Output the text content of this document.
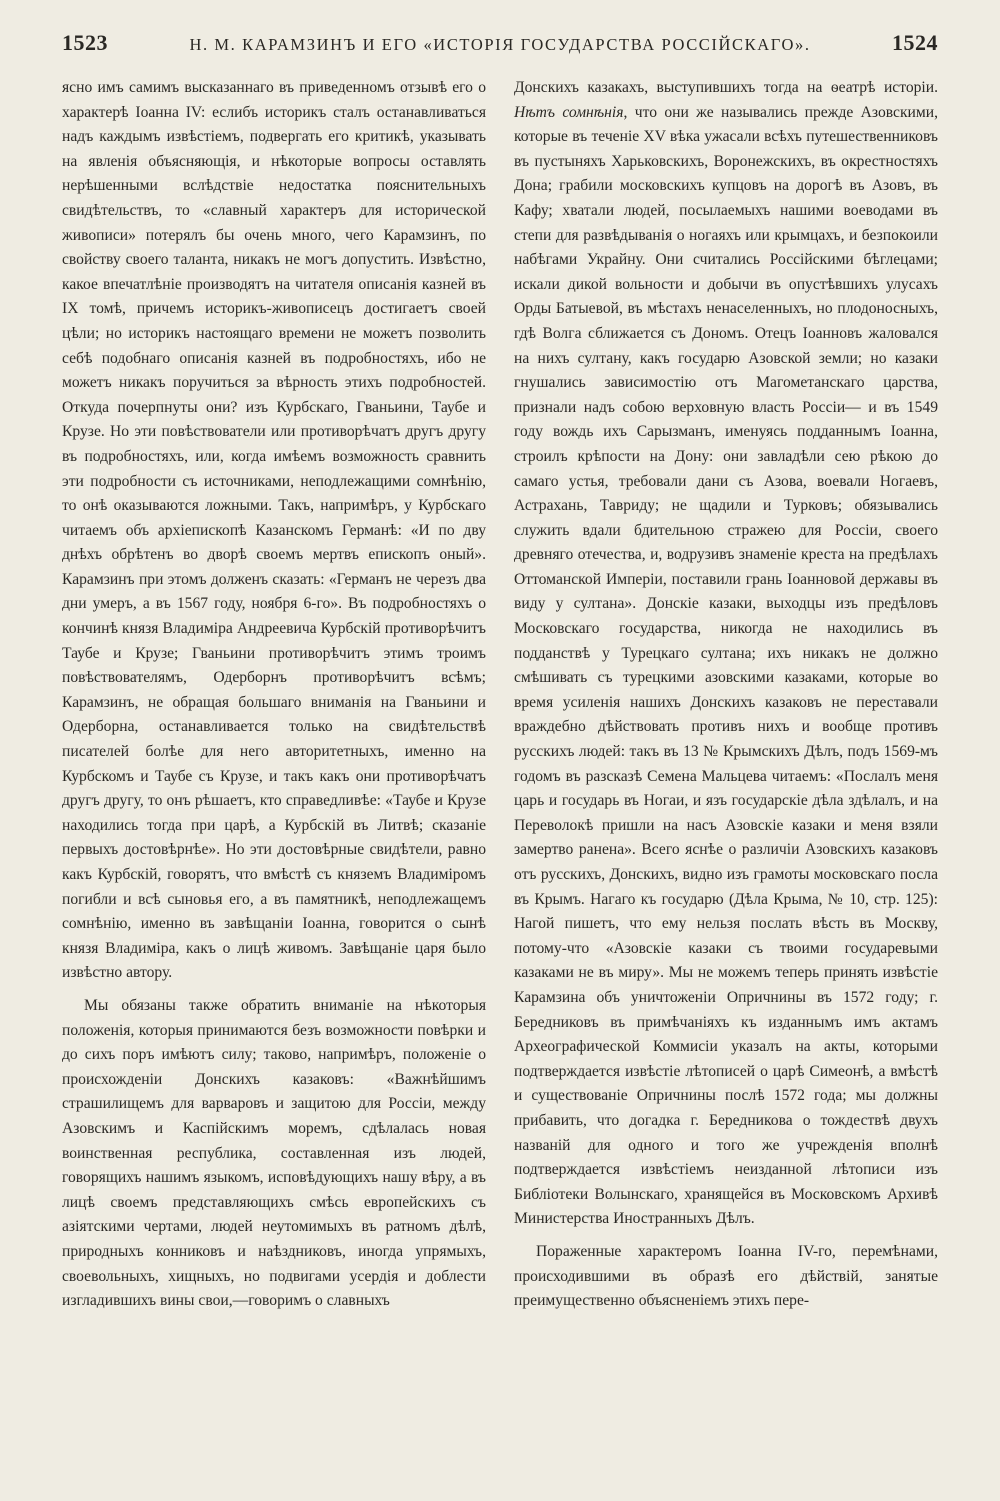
1523	Н. М. КАРАМЗИНЪ И ЕГО «ИСТОРІЯ ГОСУДАРСТВА РОССІЙСКАГО».	1524

ясно имъ самимъ высказаннаго въ приведенномъ отзывѣ его о характерѣ Іоанна IV: еслибъ историкъ сталъ останавливаться надъ каждымъ извѣстіемъ, подвергать его критикѣ, указывать на явленія объясняющія, и нѣкоторые вопросы оставлять нерѣшенными вслѣдствіе недостатка пояснительныхъ свидѣтельствъ, то «славный характеръ для исторической живописи» потерялъ бы очень много, чего Карамзинъ, по свойству своего таланта, никакъ не могъ допустить. Извѣстно, какое впечатлѣніе производятъ на читателя описанія казней въ IX томѣ, причемъ историкъ-живописецъ достигаетъ своей цѣли; но историкъ настоящаго времени не можетъ позволить себѣ подобнаго описанія казней въ подробностяхъ, ибо не можетъ никакъ поручиться за вѣрность этихъ подробностей. Откуда почерпнуты они? изъ Курбскаго, Гваньини, Таубе и Крузе. Но эти повѣствователи или противорѣчатъ другъ другу въ подробностяхъ, или, когда имѣемъ возможность сравнить эти подробности съ источниками, неподлежащими сомнѣнію, то онѣ оказываются ложными. Такъ, напримѣръ, у Курбскаго читаемъ объ архіепископѣ Казанскомъ Германѣ: «И по дву днѣхъ обрѣтенъ во дворѣ своемъ мертвъ епископъ оный». Карамзинъ при этомъ долженъ сказать: «Германъ не черезъ два дни умеръ, а въ 1567 году, ноября 6-го». Въ подробностяхъ о кончинѣ князя Владиміра Андреевича Курбскій противорѣчитъ Таубе и Крузе; Гваньини противорѣчитъ этимъ троимъ повѣствователямъ, Одерборнъ противорѣчитъ всѣмъ; Карамзинъ, не обращая большаго вниманія на Гваньини и Одерборна, останавливается только на свидѣтельствѣ писателей болѣе для него авторитетныхъ, именно на Курбскомъ и Таубе съ Крузе, и такъ какъ они противорѣчатъ другъ другу, то онъ рѣшаетъ, кто справедливѣе: «Таубе и Крузе находились тогда при царѣ, а Курбскій въ Литвѣ; сказаніе первыхъ достовѣрнѣе». Но эти достовѣрные свидѣтели, равно какъ Курбскій, говорятъ, что вмѣстѣ съ княземъ Владиміромъ погибли и всѣ сыновья его, а въ памятникѣ, неподлежащемъ сомнѣнію, именно въ завѣщаніи Іоанна, говорится о сынѣ князя Владиміра, какъ о лицѣ живомъ. Завѣщаніе царя было извѣстно автору.

Мы обязаны также обратить вниманіе на нѣкоторыя положенія, которыя принимаются безъ возможности повѣрки и до сихъ поръ имѣютъ силу; таково, напримѣръ, положеніе о происхожденіи Донскихъ казаковъ: «Важнѣйшимъ страшилищемъ для варваровъ и защитою для Россіи, между Азовскимъ и Каспійскимъ моремъ, сдѣлалась новая воинственная республика, составленная изъ людей, говорящихъ нашимъ языкомъ, исповѣдующихъ нашу вѣру, а въ лицѣ своемъ представляющихъ смѣсь европейскихъ съ азіятскими чертами, людей неутомимыхъ въ ратномъ дѣлѣ, природныхъ конниковъ и наѣздниковъ, иногда упрямыхъ, своевольныхъ, хищныхъ, но подвигами усердія и доблести изгладившихъ вины свои,—говоримъ о славныхъ

Донскихъ казакахъ, выступившихъ тогда на ѳеатрѣ исторіи. Нѣтъ сомнѣнія, что они же назывались прежде Азовскими, которые въ теченіе XV вѣка ужасали всѣхъ путешественниковъ въ пустыняхъ Харьковскихъ, Воронежскихъ, въ окрестностяхъ Дона; грабили московскихъ купцовъ на дорогѣ въ Азовъ, въ Кафу; хватали людей, посылаемыхъ нашими воеводами въ степи для развѣдыванія о ногаяхъ или крымцахъ, и безпокоили набѣгами Украйну. Они считались Россійскими бѣглецами; искали дикой вольности и добычи въ опустѣвшихъ улусахъ Орды Батыевой, въ мѣстахъ ненаселенныхъ, но плодоносныхъ, гдѣ Волга сближается съ Дономъ. Отецъ Іоанновъ жаловался на нихъ султану, какъ государю Азовской земли; но казаки гнушались зависимостію отъ Магометанскаго царства, признали надъ собою верховную власть Россіи— и въ 1549 году вождь ихъ Сарызманъ, именуясь подданнымъ Іоанна, строилъ крѣпости на Дону: они завладѣли сею рѣкою до самаго устья, требовали дани съ Азова, воевали Ногаевъ, Астрахань, Тавриду; не щадили и Турковъ; обязывались служить вдали бдительною стражею для Россіи, своего древняго отечества, и, водрузивъ знаменіе креста на предѣлахъ Оттоманской Имперіи, поставили грань Іоанновой державы въ виду у султана». Донскіе казаки, выходцы изъ предѣловъ Московскаго государства, никогда не находились въ подданствѣ у Турецкаго султана; ихъ никакъ не должно смѣшивать съ турецкими азовскими казаками, которые во время усиленія нашихъ Донскихъ казаковъ не переставали враждебно дѣйствовать противъ нихъ и вообще противъ русскихъ людей: такъ въ 13 № Крымскихъ Дѣлъ, подъ 1569-мъ годомъ въ разсказѣ Семена Мальцева читаемъ: «Послалъ меня царь и государь въ Ногаи, и язъ государскіе дѣла здѣлалъ, и на Переволокѣ пришли на насъ Азовскіе казаки и меня взяли замертво ранена». Всего яснѣе о различіи Азовскихъ казаковъ отъ русскихъ, Донскихъ, видно изъ грамоты московскаго посла въ Крымъ. Нагаго къ государю (Дѣла Крыма, № 10, стр. 125): Нагой пишетъ, что ему нельзя послать вѣсть въ Москву, потому-что «Азовскіе казаки съ твоими государевыми казаками не въ миру». Мы не можемъ теперь принять извѣстіе Карамзина объ уничтоженіи Опричнины въ 1572 году; г. Бередниковъ въ примѣчаніяхъ къ изданнымъ имъ актамъ Археографической Коммисіи указалъ на акты, которыми подтверждается извѣстіе лѣтописей о царѣ Симеонѣ, а вмѣстѣ и существованіе Опричнины послѣ 1572 года; мы должны прибавить, что догадка г. Бередникова о тождествѣ двухъ названій для одного и того же учрежденія вполнѣ подтверждается извѣстіемъ неизданной лѣтописи изъ Библіотеки Волынскаго, хранящейся въ Московскомъ Архивѣ Министерства Иностранныхъ Дѣлъ.

Пораженные характеромъ Іоанна IV-го, перемѣнами, происходившими въ образѣ его дѣйствій, занятые преимущественно объясненіемъ этихъ пере-
